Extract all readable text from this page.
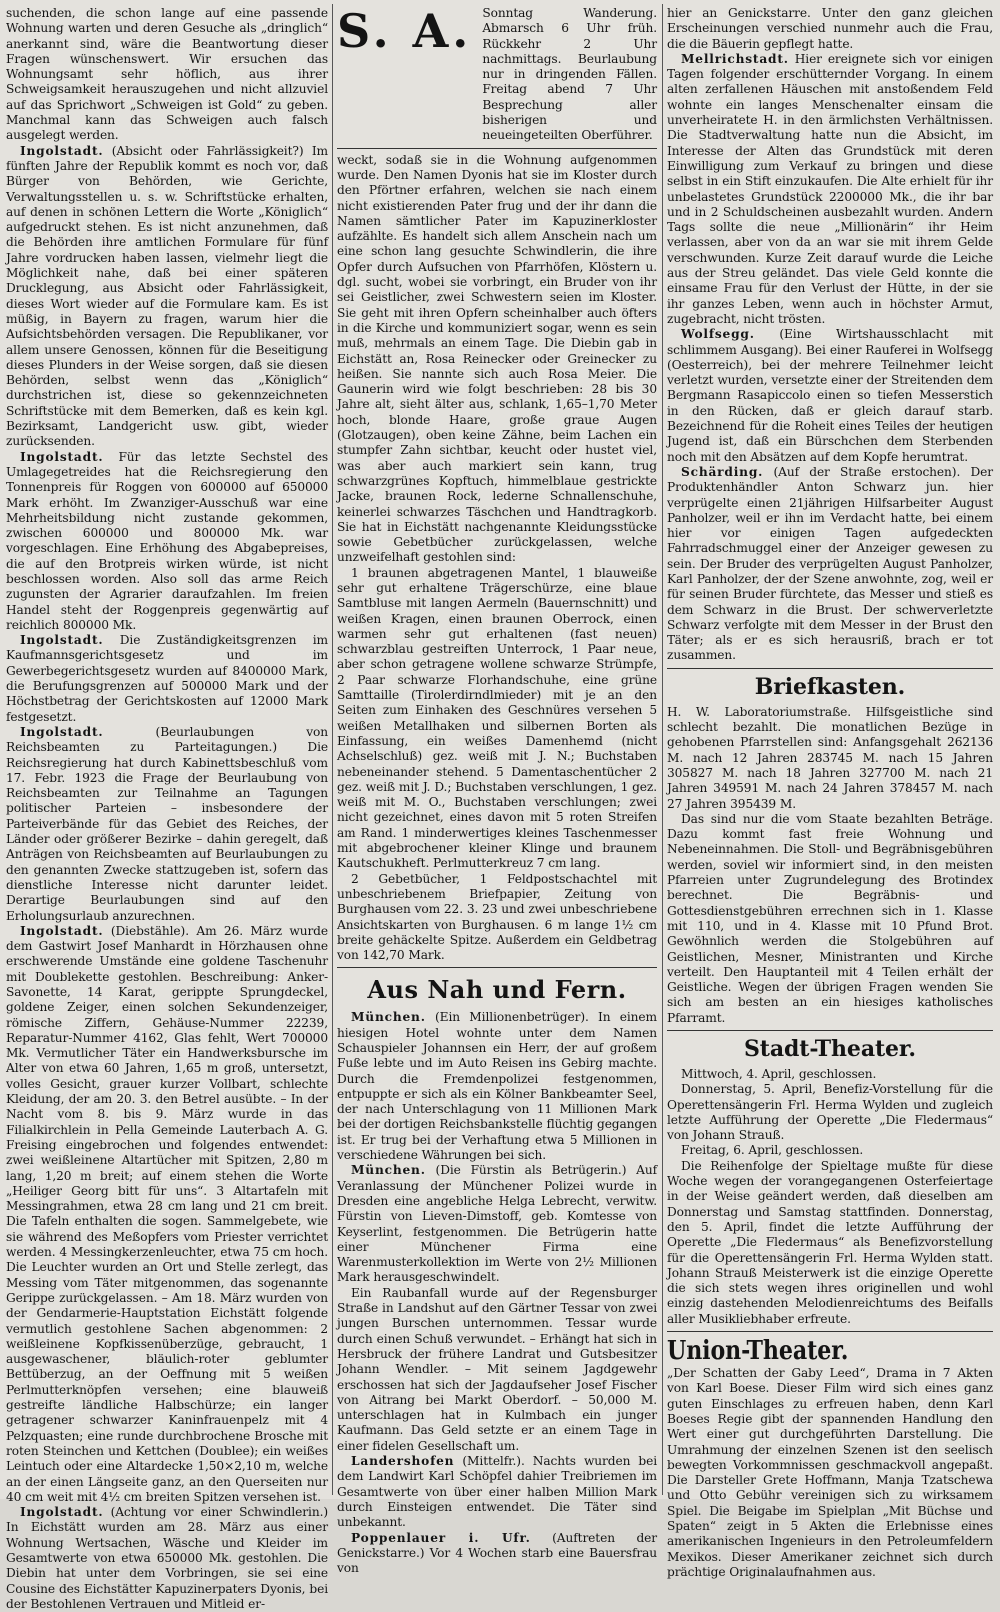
suchenden, die schon lange auf eine passende Wohnung warten und deren Gesuche als „dringlich“ anerkannt sind, wäre die Beantwortung dieser Fragen wünschenswert. Wir ersuchen das Wohnungsamt sehr höflich, aus ihrer Schweigsamkeit herauszugehen und nicht allzuviel auf das Sprichwort „Schweigen ist Gold“ zu geben. Manchmal kann das Schweigen auch falsch ausgelegt werden.

Ingolstadt. (Absicht oder Fahrlässigkeit?) Im fünften Jahre der Republik kommt es noch vor, daß Bürger von Behörden, wie Gerichte, Verwaltungsstellen u. s. w. Schriftstücke erhalten, auf denen in schönen Lettern die Worte „Königlich“ aufgedruckt stehen. Es ist nicht anzunehmen, daß die Behörden ihre amtlichen Formulare für fünf Jahre vordrucken haben lassen, vielmehr liegt die Möglichkeit nahe, daß bei einer späteren Drucklegung, aus Absicht oder Fahrlässigkeit, dieses Wort wieder auf die Formulare kam. Es ist müßig, in Bayern zu fragen, warum hier die Aufsichtsbehörden versagen. Die Republikaner, vor allem unsere Genossen, können für die Beseitigung dieses Plunders in der Weise sorgen, daß sie diesen Behörden, selbst wenn das „Königlich“ durchstrichen ist, diese so gekennzeichneten Schriftstücke mit dem Bemerken, daß es kein kgl. Bezirksamt, Landgericht usw. gibt, wieder zurücksenden.

Ingolstadt. Für das letzte Sechstel des Umlagegetreides hat die Reichsregierung den Tonnenpreis für Roggen von 600000 auf 650000 Mark erhöht. Im Zwanziger-Ausschuß war eine Mehrheitsbildung nicht zustande gekommen, zwischen 600000 und 800000 Mk. war vorgeschlagen. Eine Erhöhung des Abgabepreises, die auf den Brotpreis wirken würde, ist nicht beschlossen worden. Also soll das arme Reich zugunsten der Agrarier daraufzahlen. Im freien Handel steht der Roggenpreis gegenwärtig auf reichlich 800000 Mk.

Ingolstadt. Die Zuständigkeitsgrenzen im Kaufmannsgerichtsgesetz und im Gewerbegerichtsgesetz wurden auf 8400000 Mark, die Berufungsgrenzen auf 500000 Mark und der Höchstbetrag der Gerichtskosten auf 12000 Mark festgesetzt.

Ingolstadt. (Beurlaubungen von Reichsbeamten zu Parteitagungen.) Die Reichsregierung hat durch Kabinettsbeschluß vom 17. Febr. 1923 die Frage der Beurlaubung von Reichsbeamten zur Teilnahme an Tagungen politischer Parteien – insbesondere der Parteiverbände für das Gebiet des Reiches, der Länder oder größerer Bezirke – dahin geregelt, daß Anträgen von Reichsbeamten auf Beurlaubungen zu den genannten Zwecke stattzugeben ist, sofern das dienstliche Interesse nicht darunter leidet. Derartige Beurlaubungen sind auf den Erholungsurlaub anzurechnen.

Ingolstadt. (Diebstähle). Am 26. März wurde dem Gastwirt Josef Manhardt in Hörzhausen ohne erschwerende Umstände eine goldene Taschenuhr mit Doublekette gestohlen. Beschreibung: Anker-Savonette, 14 Karat, gerippte Sprungdeckel, goldene Zeiger, einen solchen Sekundenzeiger, römische Ziffern, Gehäuse-Nummer 22239, Reparatur-Nummer 4162, Glas fehlt, Wert 700000 Mk. Vermutlicher Täter ein Handwerksbursche im Alter von etwa 60 Jahren, 1,65 m groß, untersetzt, volles Gesicht, grauer kurzer Vollbart, schlechte Kleidung, der am 20. 3. den Betrel ausübte. – In der Nacht vom 8. bis 9. März wurde in das Filialkirchlein in Pella Gemeinde Lauterbach A. G. Freising eingebrochen und folgendes entwendet: zwei weißleinene Altartücher mit Spitzen, 2,80 m lang, 1,20 m breit; auf einem stehen die Worte „Heiliger Georg bitt für uns“. 3 Altartafeln mit Messingrahmen, etwa 28 cm lang und 21 cm breit. Die Tafeln enthalten die sogen. Sammelgebete, wie sie während des Meßopfers vom Priester verrichtet werden. 4 Messingkerzenleuchter, etwa 75 cm hoch. Die Leuchter wurden an Ort und Stelle zerlegt, das Messing vom Täter mitgenommen, das sogenannte Gerippe zurückgelassen. – Am 18. März wurden von der Gendarmerie-Hauptstation Eichstätt folgende vermutlich gestohlene Sachen abgenommen: 2 weißleinene Kopfkissenüberzüge, gebraucht, 1 ausgewaschener, bläulich-roter geblumter Bettüberzug, an der Oeffnung mit 5 weißen Perlmutterknöpfen versehen; eine blauweiß gestreifte ländliche Halbschürze; ein langer getragener schwarzer Kaninfrauenpelz mit 4 Pelzquasten; eine runde durchbrochene Brosche mit roten Steinchen und Kettchen (Doublee); ein weißes Leintuch oder eine Altardecke 1,50×2,10 m, welche an der einen Längseite ganz, an den Querseiten nur 40 cm weit mit 4½ cm breiten Spitzen versehen ist.

Ingolstadt. (Achtung vor einer Schwindlerin.) In Eichstätt wurden am 28. März aus einer Wohnung Wertsachen, Wäsche und Kleider im Gesamtwerte von etwa 650000 Mk. gestohlen. Die Diebin hat unter dem Vorbringen, sie sei eine Cousine des Eichstätter Kapuzinerpaters Dyonis, bei der Bestohlenen Vertrauen und Mitleid er-

S. A. Sonntag Wanderung. Abmarsch 6 Uhr früh. Rückkehr 2 Uhr nachmittags. Beurlaubung nur in dringenden Fällen. Freitag abend 7 Uhr Besprechung aller bisherigen und neueingeteilten Oberführer.

weckt, sodaß sie in die Wohnung aufgenommen wurde. Den Namen Dyonis hat sie im Kloster durch den Pförtner erfahren, welchen sie nach einem nicht existierenden Pater frug und der ihr dann die Namen sämtlicher Pater im Kapuzinerkloster aufzählte. Es handelt sich allem Anschein nach um eine schon lang gesuchte Schwindlerin, die ihre Opfer durch Aufsuchen von Pfarrhöfen, Klöstern u. dgl. sucht, wobei sie vorbringt, ein Bruder von ihr sei Geistlicher, zwei Schwestern seien im Kloster. Sie geht mit ihren Opfern scheinhalber auch öfters in die Kirche und kommuniziert sogar, wenn es sein muß, mehrmals an einem Tage. Die Diebin gab in Eichstätt an, Rosa Reinecker oder Greinecker zu heißen. Sie nannte sich auch Rosa Meier. Die Gaunerin wird wie folgt beschrieben: 28 bis 30 Jahre alt, sieht älter aus, schlank, 1,65–1,70 Meter hoch, blonde Haare, große graue Augen (Glotzaugen), oben keine Zähne, beim Lachen ein stumpfer Zahn sichtbar, keucht oder hustet viel, was aber auch markiert sein kann, trug schwarzgrünes Kopftuch, himmelblaue gestrickte Jacke, braunen Rock, lederne Schnallenschuhe, keinerlei schwarzes Täschchen und Handtragkorb. Sie hat in Eichstätt nachgenannte Kleidungsstücke sowie Gebetbücher zurückgelassen, welche unzweifelhaft gestohlen sind:

1 braunen abgetragenen Mantel, 1 blauweiße sehr gut erhaltene Trägerschürze, eine blaue Samtbluse mit langen Aermeln (Bauernschnitt) und weißen Kragen, einen braunen Oberrock, einen warmen sehr gut erhaltenen (fast neuen) schwarzblau gestreiften Unterrock, 1 Paar neue, aber schon getragene wollene schwarze Strümpfe, 2 Paar schwarze Florhandschuhe, eine grüne Samttaille (Tirolerdirndlmieder) mit je an den Seiten zum Einhaken des Geschnüres versehen 5 weißen Metallhaken und silbernen Borten als Einfassung, ein weißes Damenhemd (nicht Achselschluß) gez. weiß mit J. N.; Buchstaben nebeneinander stehend. 5 Damentaschentücher 2 gez. weiß mit J. D.; Buchstaben verschlungen, 1 gez. weiß mit M. O., Buchstaben verschlungen; zwei nicht gezeichnet, eines davon mit 5 roten Streifen am Rand. 1 minderwertiges kleines Taschenmesser mit abgebrochener kleiner Klinge und braunem Kautschukheft. Perlmutterkreuz 7 cm lang.

2 Gebetbücher, 1 Feldpostschachtel mit unbeschriebenem Briefpapier, Zeitung von Burghausen vom 22. 3. 23 und zwei unbeschriebene Ansichtskarten von Burghausen. 6 m lange 1½ cm breite gehäckelte Spitze. Außerdem ein Geldbetrag von 142,70 Mark.

Aus Nah und Fern.

München. (Ein Millionenbetrüger). In einem hiesigen Hotel wohnte unter dem Namen Schauspieler Johannsen ein Herr, der auf großem Fuße lebte und im Auto Reisen ins Gebirg machte. Durch die Fremdenpolizei festgenommen, entpuppte er sich als ein Kölner Bankbeamter Seel, der nach Unterschlagung von 11 Millionen Mark bei der dortigen Reichsbankstelle flüchtig gegangen ist. Er trug bei der Verhaftung etwa 5 Millionen in verschiedene Währungen bei sich.

München. (Die Fürstin als Betrügerin.) Auf Veranlassung der Münchener Polizei wurde in Dresden eine angebliche Helga Lebrecht, verwitw. Fürstin von Lieven-Dimstoff, geb. Komtesse von Keyserlint, festgenommen. Die Betrügerin hatte einer Münchener Firma eine Warenmusterkollektion im Werte von 2½ Millionen Mark herausgeschwindelt.

Ein Raubanfall wurde auf der Regensburger Straße in Landshut auf den Gärtner Tessar von zwei jungen Burschen unternommen. Tessar wurde durch einen Schuß verwundet. – Erhängt hat sich in Hersbruck der frühere Landrat und Gutsbesitzer Johann Wendler. – Mit seinem Jagdgewehr erschossen hat sich der Jagdaufseher Josef Fischer von Aitrang bei Markt Oberdorf. – 50,000 M. unterschlagen hat in Kulmbach ein junger Kaufmann. Das Geld setzte er an einem Tage in einer fidelen Gesellschaft um.

Landershofen (Mittelfr.). Nachts wurden bei dem Landwirt Karl Schöpfel dahier Treibriemen im Gesamtwerte von über einer halben Million Mark durch Einsteigen entwendet. Die Täter sind unbekannt.

Poppenlauer i. Ufr. (Auftreten der Genickstarre.) Vor 4 Wochen starb eine Bauersfrau von

hier an Genickstarre. Unter den ganz gleichen Erscheinungen verschied nunmehr auch die Frau, die die Bäuerin gepflegt hatte.

Mellrichstadt. Hier ereignete sich vor einigen Tagen folgender erschütternder Vorgang. In einem alten zerfallenen Häuschen mit anstoßendem Feld wohnte ein langes Menschenalter einsam die unverheiratete H. in den ärmlichsten Verhältnissen. Die Stadtverwaltung hatte nun die Absicht, im Interesse der Alten das Grundstück mit deren Einwilligung zum Verkauf zu bringen und diese selbst in ein Stift einzukaufen. Die Alte erhielt für ihr unbelastetes Grundstück 2200000 Mk., die ihr bar und in 2 Schuldscheinen ausbezahlt wurden. Andern Tags sollte die neue „Millionärin“ ihr Heim verlassen, aber von da an war sie mit ihrem Gelde verschwunden. Kurze Zeit darauf wurde die Leiche aus der Streu geländet. Das viele Geld konnte die einsame Frau für den Verlust der Hütte, in der sie ihr ganzes Leben, wenn auch in höchster Armut, zugebracht, nicht trösten.

Wolfsegg. (Eine Wirtshausschlacht mit schlimmem Ausgang). Bei einer Rauferei in Wolfsegg (Oesterreich), bei der mehrere Teilnehmer leicht verletzt wurden, versetzte einer der Streitenden dem Bergmann Rasapiccolo einen so tiefen Messerstich in den Rücken, daß er gleich darauf starb. Bezeichnend für die Roheit eines Teiles der heutigen Jugend ist, daß ein Bürschchen dem Sterbenden noch mit den Absätzen auf dem Kopfe herumtrat.

Schärding. (Auf der Straße erstochen). Der Produktenhändler Anton Schwarz jun. hier verprügelte einen 21jährigen Hilfsarbeiter August Panholzer, weil er ihn im Verdacht hatte, bei einem hier vor einigen Tagen aufgedeckten Fahrradschmuggel einer der Anzeiger gewesen zu sein. Der Bruder des verprügelten August Panholzer, Karl Panholzer, der der Szene anwohnte, zog, weil er für seinen Bruder fürchtete, das Messer und stieß es dem Schwarz in die Brust. Der schwerverletzte Schwarz verfolgte mit dem Messer in der Brust den Täter; als er es sich herausriß, brach er tot zusammen.

Briefkasten.

H. W. Laboratoriumstraße. Hilfsgeistliche sind schlecht bezahlt. Die monatlichen Bezüge in gehobenen Pfarrstellen sind: Anfangsgehalt 262136 M. nach 12 Jahren 283745 M. nach 15 Jahren 305827 M. nach 18 Jahren 327700 M. nach 21 Jahren 349591 M. nach 24 Jahren 378457 M. nach 27 Jahren 395439 M.

Das sind nur die vom Staate bezahlten Beträge. Dazu kommt fast freie Wohnung und Nebeneinnahmen. Die Stoll- und Begräbnisgebühren werden, soviel wir informiert sind, in den meisten Pfarreien unter Zugrundelegung des Brotindex berechnet. Die Begräbnis- und Gottesdienstgebühren errechnen sich in 1. Klasse mit 110, und in 4. Klasse mit 10 Pfund Brot. Gewöhnlich werden die Stolgebühren auf Geistlichen, Mesner, Ministranten und Kirche verteilt. Den Hauptanteil mit 4 Teilen erhält der Geistliche. Wegen der übrigen Fragen wenden Sie sich am besten an ein hiesiges katholisches Pfarramt.

Stadt-Theater.

Mittwoch, 4. April, geschlossen.

Donnerstag, 5. April, Benefiz-Vorstellung für die Operettensängerin Frl. Herma Wylden und zugleich letzte Aufführung der Operette „Die Fledermaus“ von Johann Strauß.

Freitag, 6. April, geschlossen.

Die Reihenfolge der Spieltage mußte für diese Woche wegen der vorangegangenen Osterfeiertage in der Weise geändert werden, daß dieselben am Donnerstag und Samstag stattfinden. Donnerstag, den 5. April, findet die letzte Aufführung der Operette „Die Fledermaus“ als Benefizvorstellung für die Operettensängerin Frl. Herma Wylden statt. Johann Strauß Meisterwerk ist die einzige Operette die sich stets wegen ihres originellen und wohl einzig dastehenden Melodienreichtums des Beifalls aller Musikliebhaber erfreute.

Union-Theater.

„Der Schatten der Gaby Leed“, Drama in 7 Akten von Karl Boese. Dieser Film wird sich eines ganz guten Einschlages zu erfreuen haben, denn Karl Boeses Regie gibt der spannenden Handlung den Wert einer gut durchgeführten Darstellung. Die Umrahmung der einzelnen Szenen ist den seelisch bewegten Vorkommnissen geschmackvoll angepaßt. Die Darsteller Grete Hoffmann, Manja Tzatschewa und Otto Gebühr vereinigen sich zu wirksamem Spiel. Die Beigabe im Spielplan „Mit Büchse und Spaten“ zeigt in 5 Akten die Erlebnisse eines amerikanischen Ingenieurs in den Petroleumfeldern Mexikos. Dieser Amerikaner zeichnet sich durch prächtige Originalaufnahmen aus.
